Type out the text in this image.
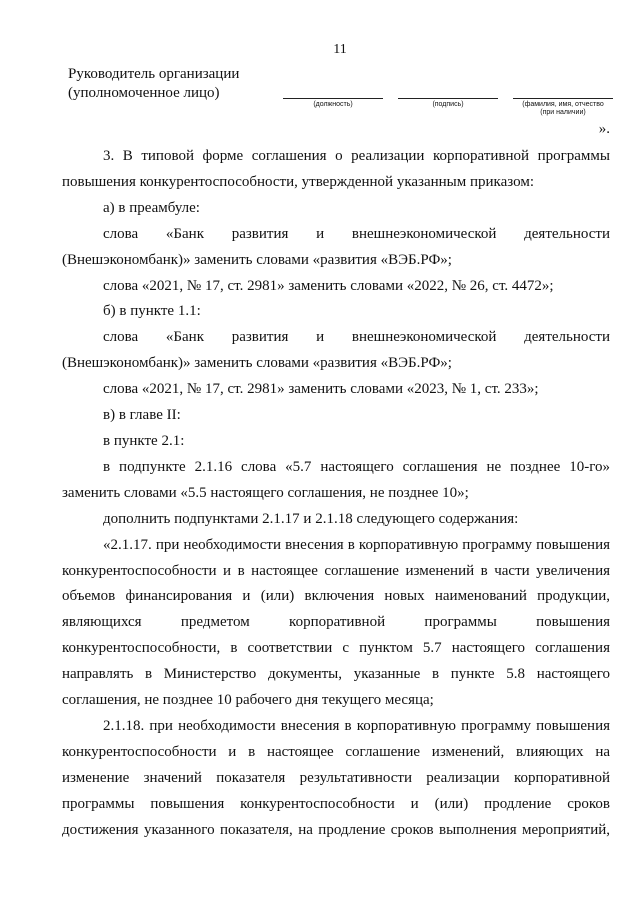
11
Руководитель организации
(уполномоченное лицо)
(должность)	(подпись)	(фамилия, имя, отчество
(при наличии)
».

3. В типовой форме соглашения о реализации корпоративной программы повышения конкурентоспособности, утвержденной указанным приказом:

а) в преамбуле:

слова «Банк развития и внешнеэкономической деятельности (Внешэкономбанк)» заменить словами «развития «ВЭБ.РФ»;

слова «2021, № 17, ст. 2981» заменить словами «2022, № 26, ст. 4472»;

б) в пункте 1.1:

слова «Банк развития и внешнеэкономической деятельности (Внешэкономбанк)» заменить словами «развития «ВЭБ.РФ»;

слова «2021, № 17, ст. 2981» заменить словами «2023, № 1, ст. 233»;

в) в главе II:

в пункте 2.1:

в подпункте 2.1.16 слова «5.7 настоящего соглашения не позднее 10-го» заменить словами «5.5 настоящего соглашения, не позднее 10»;

дополнить подпунктами 2.1.17 и 2.1.18 следующего содержания:

«2.1.17. при необходимости внесения в корпоративную программу повышения конкурентоспособности и в настоящее соглашение изменений в части увеличения объемов финансирования и (или) включения новых наименований продукции, являющихся предметом корпоративной программы повышения конкурентоспособности, в соответствии с пунктом 5.7 настоящего соглашения направлять в Министерство документы, указанные в пункте 5.8 настоящего соглашения, не позднее 10 рабочего дня текущего месяца;

2.1.18. при необходимости внесения в корпоративную программу повышения конкурентоспособности и в настоящее соглашение изменений, влияющих на изменение значений показателя результативности реализации корпоративной программы повышения конкурентоспособности и (или) продление сроков достижения указанного показателя, на продление сроков выполнения мероприятий,
